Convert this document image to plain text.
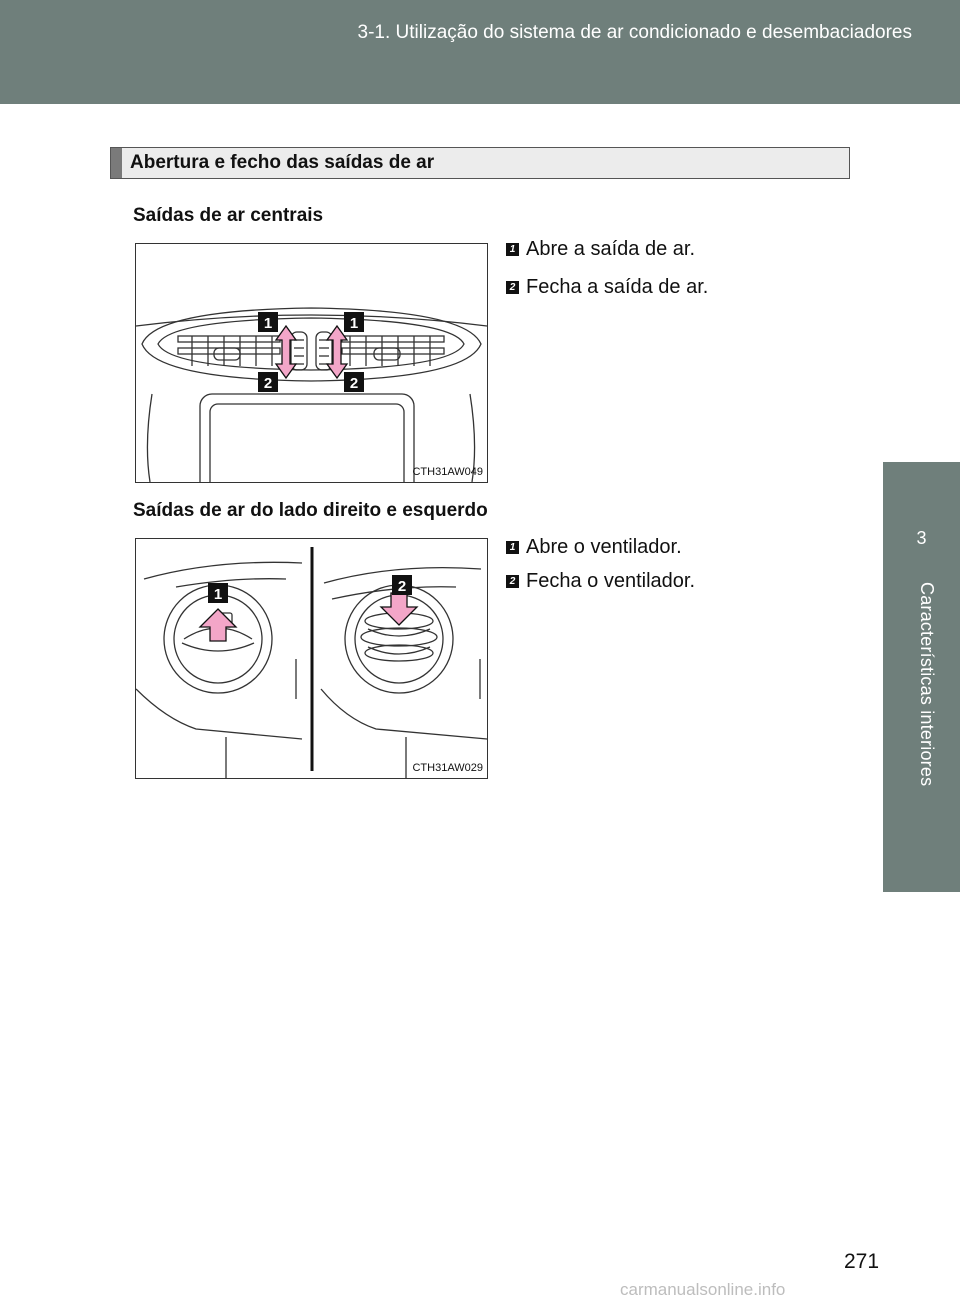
3-1. Utilização do sistema de ar condicionado e desembaciadores
3
Características interiores
Abertura e fecho das saídas de ar
Saídas de ar centrais
1	1
2	2
CTH31AW049
1 Abre a saída de ar.
2 Fecha a saída de ar.
Saídas de ar do lado direito e esquerdo
1	2
CTH31AW029
1 Abre o ventilador.
2 Fecha o ventilador.
271
carmanualsonline.info
